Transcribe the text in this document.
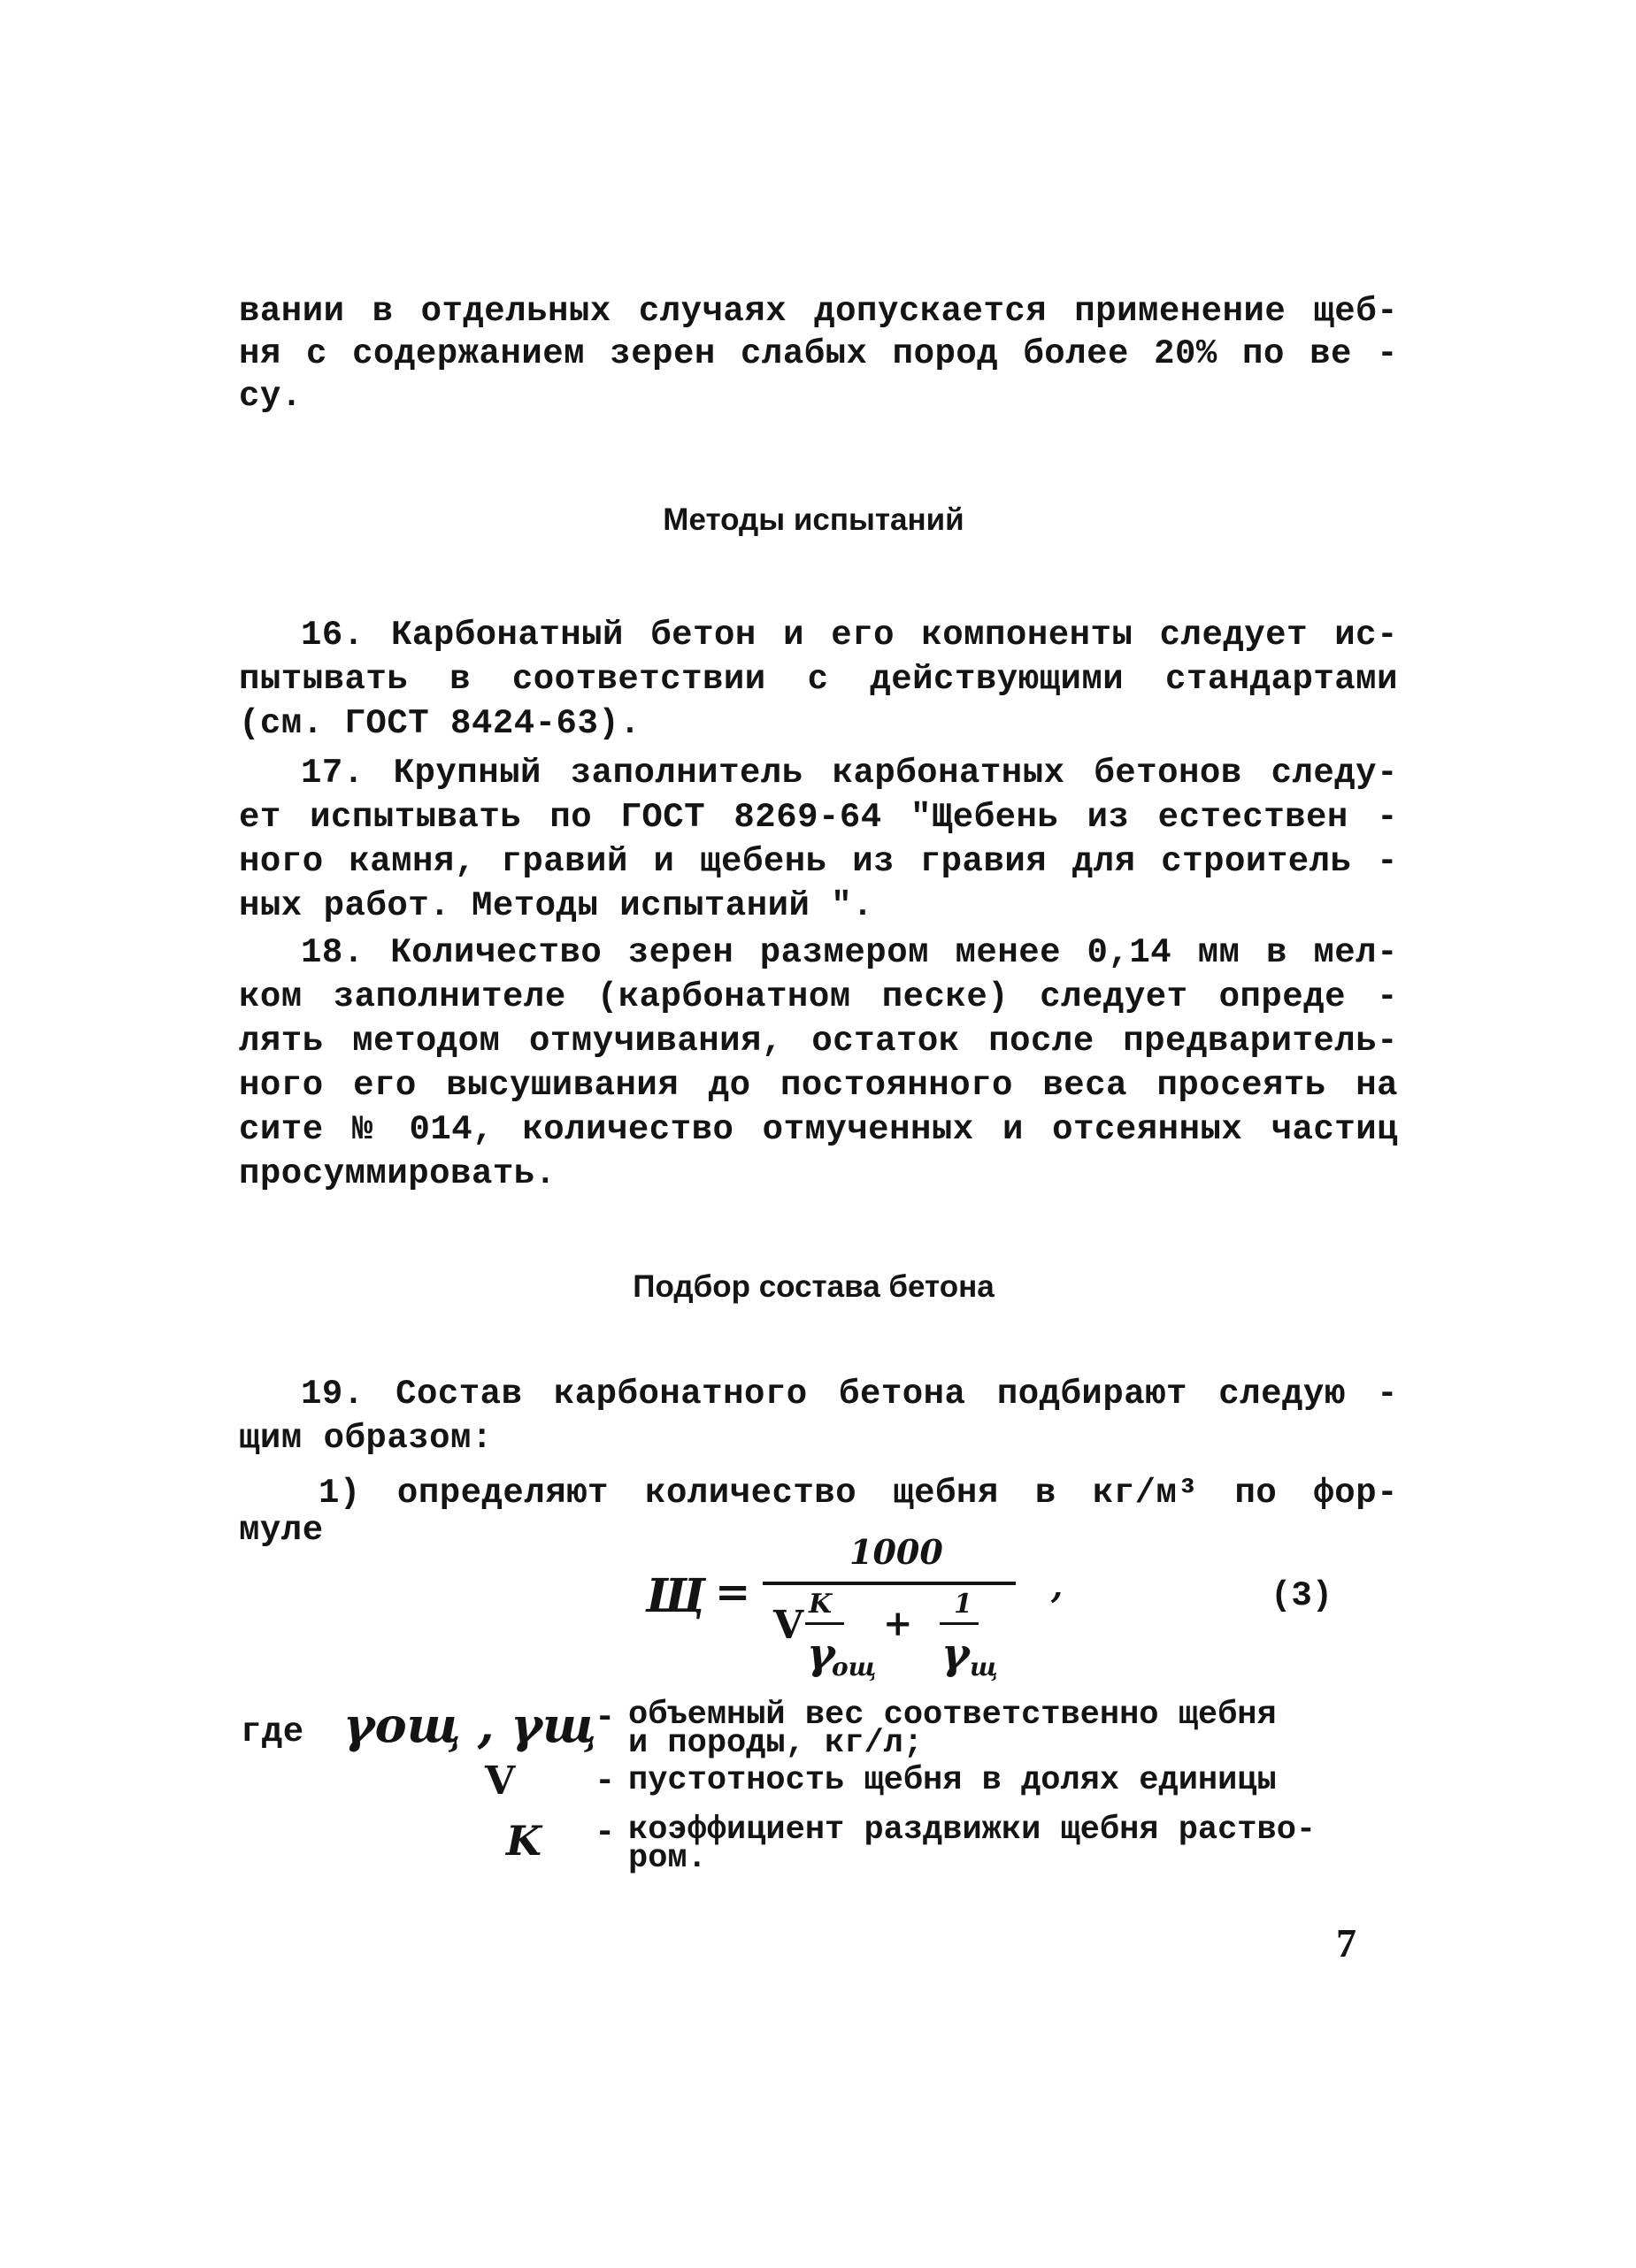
вании в отдельных случаях допускается применение щеб-
ня с содержанием зерен слабых пород более 20% по ве -
су.
Методы испытаний
16. Карбонатный бетон и его компоненты следует ис-
пытывать в соответствии с действующими стандартами
(см. ГОСТ 8424-63).
17. Крупный заполнитель карбонатных бетонов следу-
ет испытывать по ГОСТ 8269-64 "Щебень из естествен -
ного камня, гравий и щебень из гравия для строитель -
ных работ. Методы испытаний ".
18. Количество зерен размером менее 0,14 мм в мел-
ком заполнителе (карбонатном песке) следует опреде -
лять методом отмучивания, остаток после предваритель-
ного его высушивания до постоянного веса просеять на
сите № 014, количество отмученных и отсеянных частиц
просуммировать.
Подбор состава бетона
19. Состав карбонатного бетона подбирают следую -
щим образом:
1) определяют количество щебня в кг/м³ по фор-
муле
Щ =
1000
V K
γ
ощ
+ 1
γ щ
,	(3)
где γощ , γщ
- объемный вес соответственно щебня
и породы, кг/л;
V - пустотность щебня в долях единицы
K - коэффициент раздвижки щебня раство-
ром.
7
